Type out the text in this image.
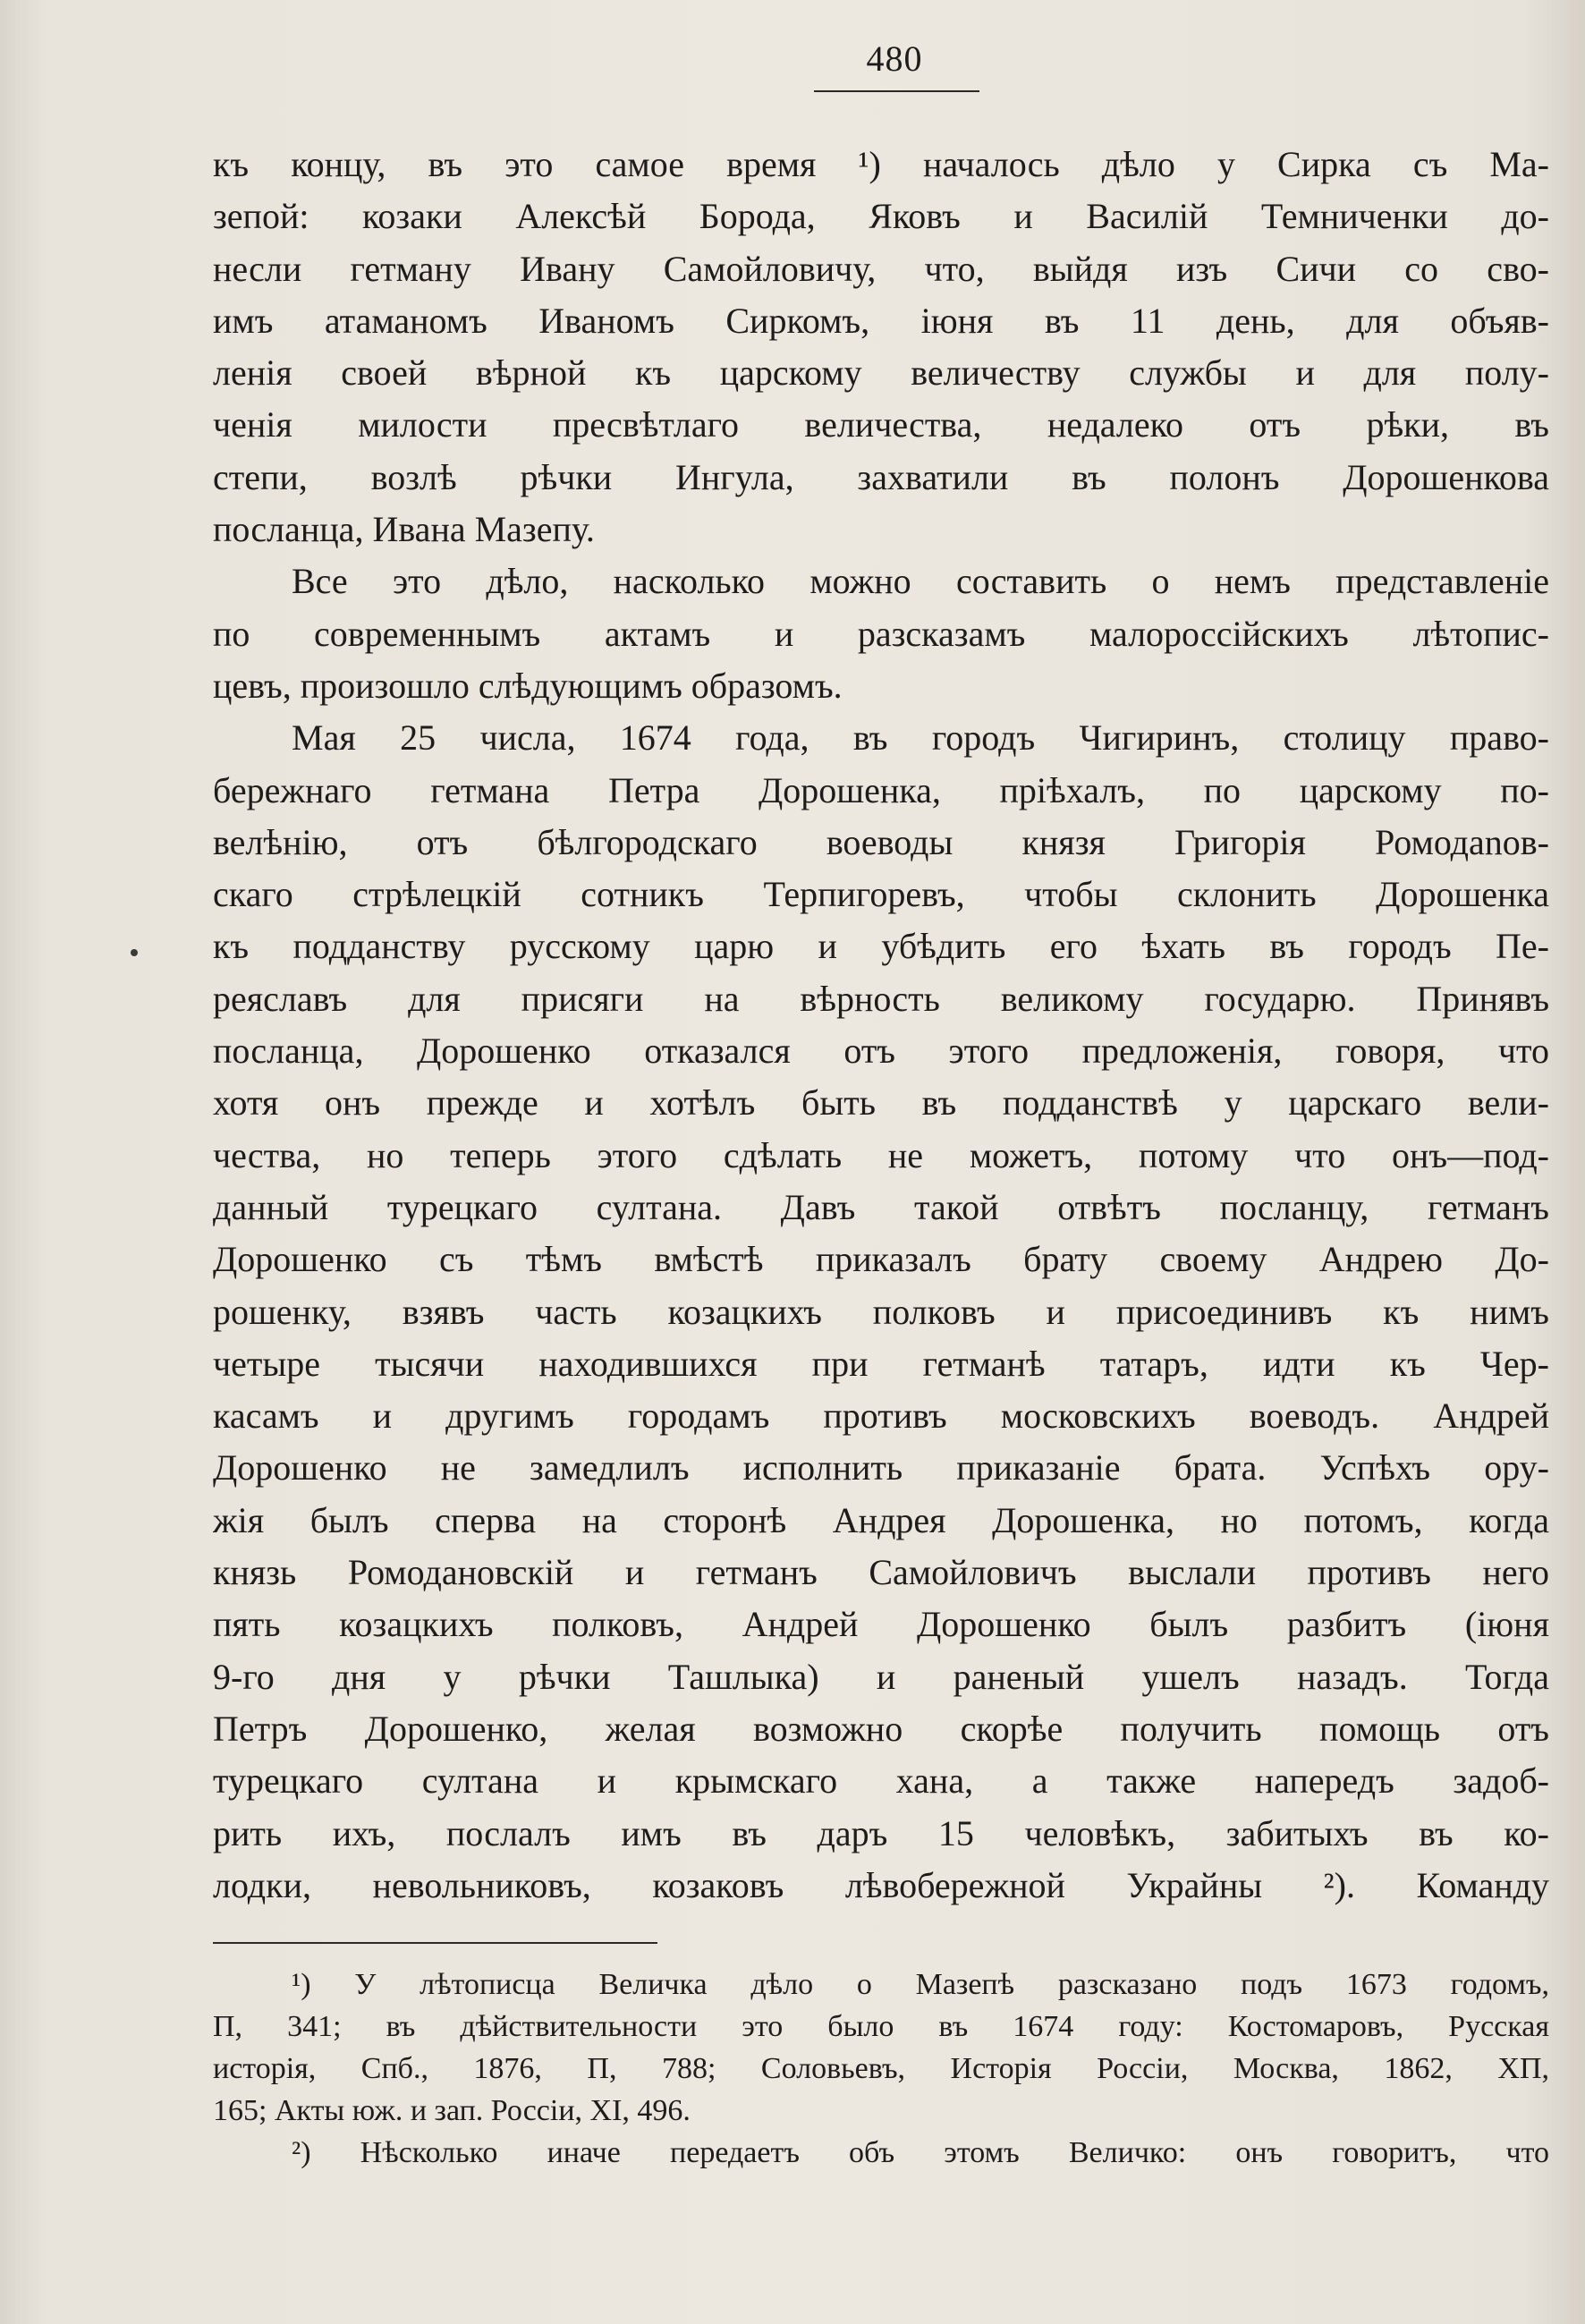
480
къ концу, въ это самое время ¹) началось дѣло у Сирка съ Ма-
зепой: козаки Алексѣй Борода, Яковъ и Василій Темниченки до-
несли гетману Ивану Самойловичу, что, выйдя изъ Сичи со сво-
имъ атаманомъ Иваномъ Сиркомъ, іюня въ 11 день, для объяв-
ленія своей вѣрной къ царскому величеству службы и для полу-
ченія милости пресвѣтлаго величества, недалеко отъ рѣки, въ
степи, возлѣ рѣчки Ингула, захватили въ полонъ Дорошенкова
посланца, Ивана Мазепу.
Все это дѣло, насколько можно составить о немъ представленіе
по современнымъ актамъ и разсказамъ малороссійскихъ лѣтопис-
цевъ, произошло слѣдующимъ образомъ.
Мая 25 числа, 1674 года, въ городъ Чигиринъ, столицу право-
бережнаго гетмана Петра Дорошенка, пріѣхалъ, по царскому по-
велѣнію, отъ бѣлгородскаго воеводы князя Григорія Ромодanов-
скаго стрѣлецкій сотникъ Терпигоревъ, чтобы склонить Дорошенка
къ подданству русскому царю и убѣдить его ѣхать въ городъ Пе-
реяславъ для присяги на вѣрность великому государю. Принявъ
посланца, Дорошенко отказался отъ этого предложенія, говоря, что
хотя онъ прежде и хотѣлъ быть въ подданствѣ у царскаго вели-
чества, но теперь этого сдѣлать не можетъ, потому что онъ—под-
данный турецкаго султана. Давъ такой отвѣтъ посланцу, гетманъ
Дорошенко съ тѣмъ вмѣстѣ приказалъ брату своему Андрею До-
рошенку, взявъ часть козацкихъ полковъ и присоединивъ къ нимъ
четыре тысячи находившихся при гетманѣ татаръ, идти къ Чер-
касамъ и другимъ городамъ противъ московскихъ воеводъ. Андрей
Дорошенко не замедлилъ исполнить приказаніе брата. Успѣхъ ору-
жія былъ сперва на сторонѣ Андрея Дорошенка, но потомъ, когда
князь Ромодановскій и гетманъ Самойловичъ выслали противъ него
пять козацкихъ полковъ, Андрей Дорошенко былъ разбитъ (іюня
9-го дня у рѣчки Ташлыка) и раненый ушелъ назадъ. Тогда
Петръ Дорошенко, желая возможно скорѣе получить помощь отъ
турецкаго султана и крымскаго хана, а также напередъ задоб-
рить ихъ, послалъ имъ въ даръ 15 человѣкъ, забитыхъ въ ко-
лодки, невольниковъ, козаковъ лѣвобережной Украйны ²). Команду
¹) У лѣтописца Величка дѣло о Мазепѣ разсказано подъ 1673 годомъ,
П, 341; въ дѣйствительности это было въ 1674 году: Костомаровъ, Русская
исторія, Спб., 1876, П, 788; Соловьевъ, Исторія Россіи, Москва, 1862, ХП,
165; Акты юж. и зап. Россіи, XI, 496.
²) Нѣсколько иначе передаетъ объ этомъ Величко: онъ говоритъ, что
